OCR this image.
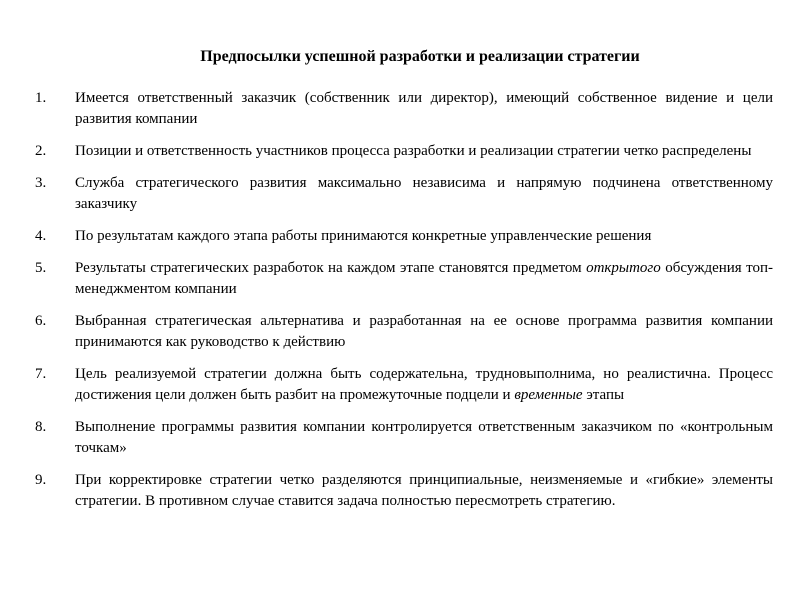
Предпосылки успешной разработки и реализации стратегии
1.	Имеется ответственный заказчик (собственник или директор), имеющий собственное видение и цели развития компании
2.	Позиции и ответственность участников процесса разработки и реализации стратегии четко распределены
3.	Служба стратегического развития максимально независима и напрямую подчинена ответственному заказчику
4.	По результатам каждого этапа работы принимаются конкретные управленческие решения
5.	Результаты стратегических разработок на каждом этапе становятся предметом открытого обсуждения топ-менеджментом компании
6.	Выбранная стратегическая альтернатива и разработанная на ее основе программа развития компании принимаются как руководство к действию
7.	Цель реализуемой стратегии должна быть содержательна, трудновыполнима, но реалистична. Процесс достижения цели должен быть разбит на промежуточные подцели и временные этапы
8.	Выполнение программы развития компании контролируется ответственным заказчиком по «контрольным точкам»
9.	При корректировке стратегии четко разделяются принципиальные, неизменяемые и «гибкие» элементы стратегии. В противном случае ставится задача полностью пересмотреть стратегию.
